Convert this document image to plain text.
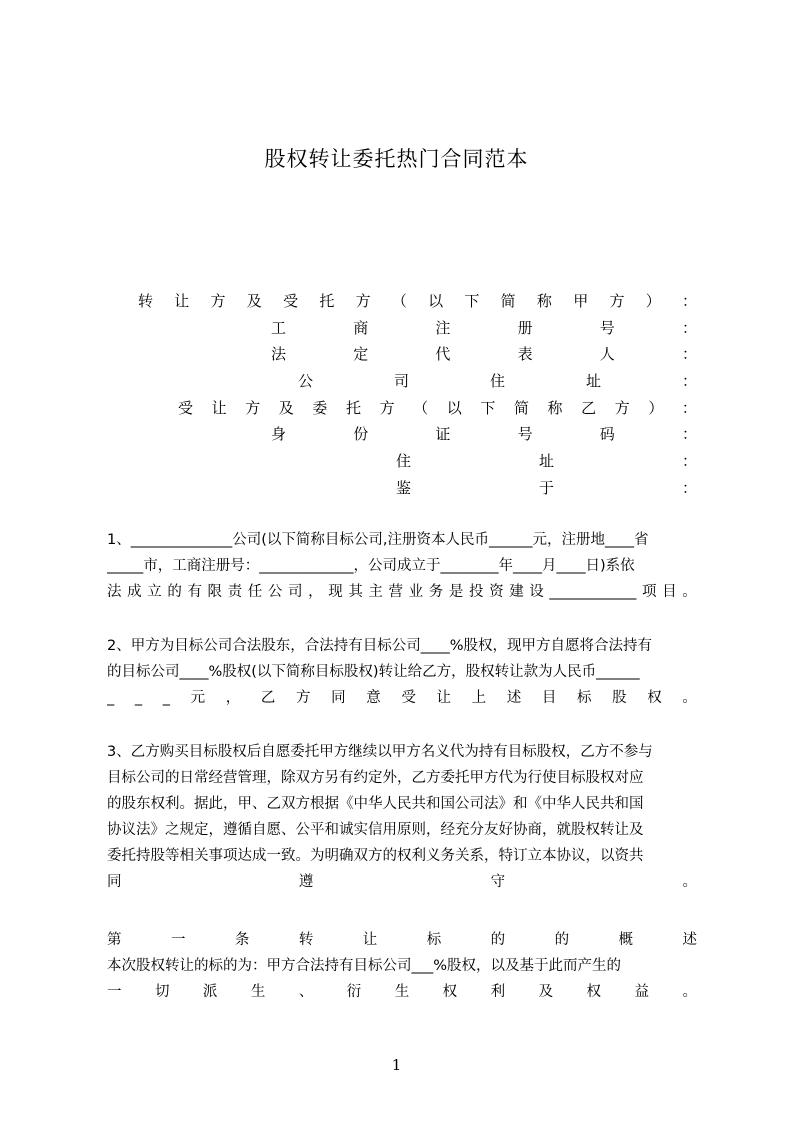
股权转让委托热门合同范本
转 让 方 及 受 托 方 （ 以 下 简 称 甲 方 ） ：
工	商	注	册	号	：
法	定	代	表	人	：
公	司	住	址	：
受 让 方 及 委 托 方 （ 以 下 简 称 乙 方 ） ：
身	份	证	号	码	：
住	址	：
鉴	于	：
1、______________公司(以下简称目标公司,注册资本人民币______元，注册地____省
_____市，工商注册号：_____________，公司成立于________年____月____日)系依
法 成 立 的 有 限 责 任 公 司 ， 现 其 主 营 业 务 是 投 资 建 设 ____________ 项 目 。
2、甲方为目标公司合法股东，合法持有目标公司____%股权，现甲方自愿将合法持有
的目标公司____%股权(以下简称目标股权)转让给乙方，股权转让款为人民币______
_ _ _ 元 ， 乙 方 同 意 受 让 上 述 目 标 股 权 。
3、乙方购买目标股权后自愿委托甲方继续以甲方名义代为持有目标股权，乙方不参与
目标公司的日常经营管理，除双方另有约定外，乙方委托甲方代为行使目标股权对应
的股东权利。据此，甲、乙双方根据《中华人民共和国公司法》和《中华人民共和国
协议法》之规定，遵循自愿、公平和诚实信用原则，经充分友好协商，就股权转让及
委托持股等相关事项达成一致。为明确双方的权利义务关系，特订立本协议，以资共
同	遵	守	。
第	一	条	转	让	标	的	的	概	述
本次股权转让的标的为：甲方合法持有目标公司___%股权，以及基于此而产生的
一 切 派 生 、 衍 生 权 利 及 权 益 。
1
